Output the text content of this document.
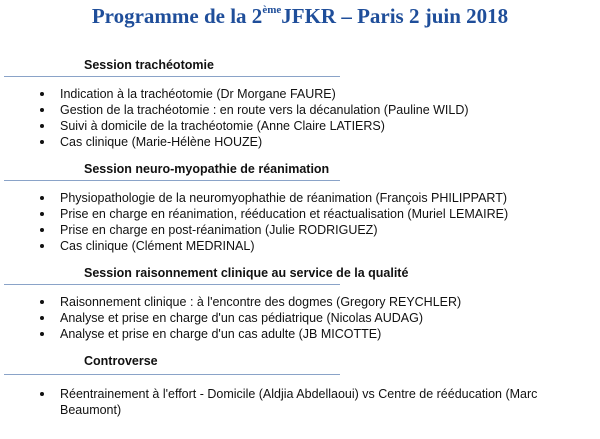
Programme de la 2èmeJFKR – Paris 2 juin 2018
Session trachéotomie
Indication à la trachéotomie (Dr Morgane FAURE)
Gestion de la trachéotomie : en route vers la décanulation (Pauline WILD)
Suivi à domicile de la trachéotomie (Anne Claire LATIERS)
Cas clinique (Marie-Hélène HOUZE)
Session neuro-myopathie de réanimation
Physiopathologie de la neuromyophathie de réanimation (François PHILIPPART)
Prise en charge en réanimation, rééducation et réactualisation (Muriel LEMAIRE)
Prise en charge en post-réanimation (Julie RODRIGUEZ)
Cas clinique (Clément MEDRINAL)
Session raisonnement clinique au service de la qualité
Raisonnement clinique : à l'encontre des dogmes (Gregory REYCHLER)
Analyse et prise en charge d'un cas pédiatrique (Nicolas AUDAG)
Analyse et prise en charge d'un cas adulte (JB MICOTTE)
Controverse
Réentrainement à l'effort - Domicile (Aldjia Abdellaoui) vs Centre de rééducation (Marc Beaumont)
